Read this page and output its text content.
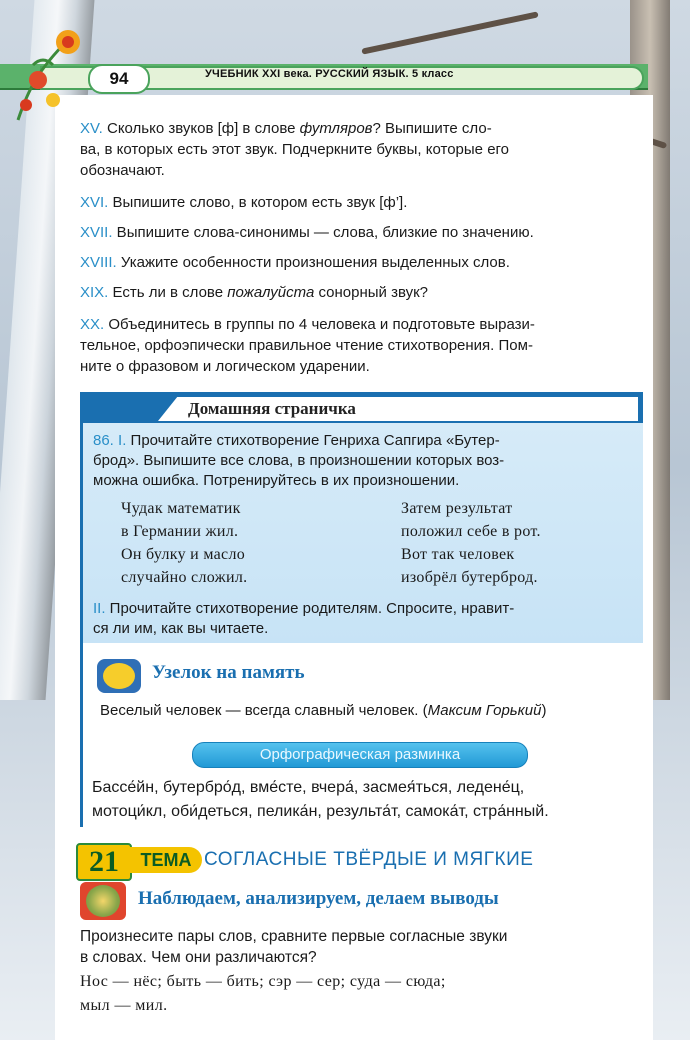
94	УЧЕБНИК XXI века. РУССКИЙ ЯЗЫК. 5 класс
XV. Сколько звуков [ф] в слове футляров? Выпишите сло-
ва, в которых есть этот звук. Подчеркните буквы, которые его
обозначают.
XVI. Выпишите слово, в котором есть звук [ф’].
XVII. Выпишите слова-синонимы — слова, близкие по значению.
XVIII. Укажите особенности произношения выделенных слов.
XIX. Есть ли в слове пожалуйста сонорный звук?
XX. Объединитесь в группы по 4 человека и подготовьте вырази-
тельное, орфоэпически правильное чтение стихотворения. Пом-
ните о фразовом и логическом ударении.
Домашняя страничка
86. I. Прочитайте стихотворение Генриха Сапгира «Бутер-
брод». Выпишите все слова, в произношении которых воз-
можна ошибка. Потренируйтесь в их произношении.
Чудак математик
в Германии жил.
Он булку и масло
случайно сложил.
Затем результат
положил себе в рот.
Вот так человек
изобрёл бутерброд.
II. Прочитайте стихотворение родителям. Спросите, нравит-
ся ли им, как вы читаете.
Узелок на память
Веселый человек — всегда славный человек. (Максим Горький)
Орфографическая разминка
Бассе́йн, бутербро́д, вме́сте, вчера́, засмея́ться, ледене́ц,
мотоци́кл, оби́деться, пелика́н, результа́т, самока́т, стра́нный.
21	ТЕМА СОГЛАСНЫЕ ТВЁРДЫЕ И МЯГКИЕ
Наблюдаем, анализируем, делаем выводы
Произнесите пары слов, сравните первые согласные звуки
в словах. Чем они различаются?
Нос — нёс; быть — бить; сэр — сер; суда — сюда;
мыл — мил.
